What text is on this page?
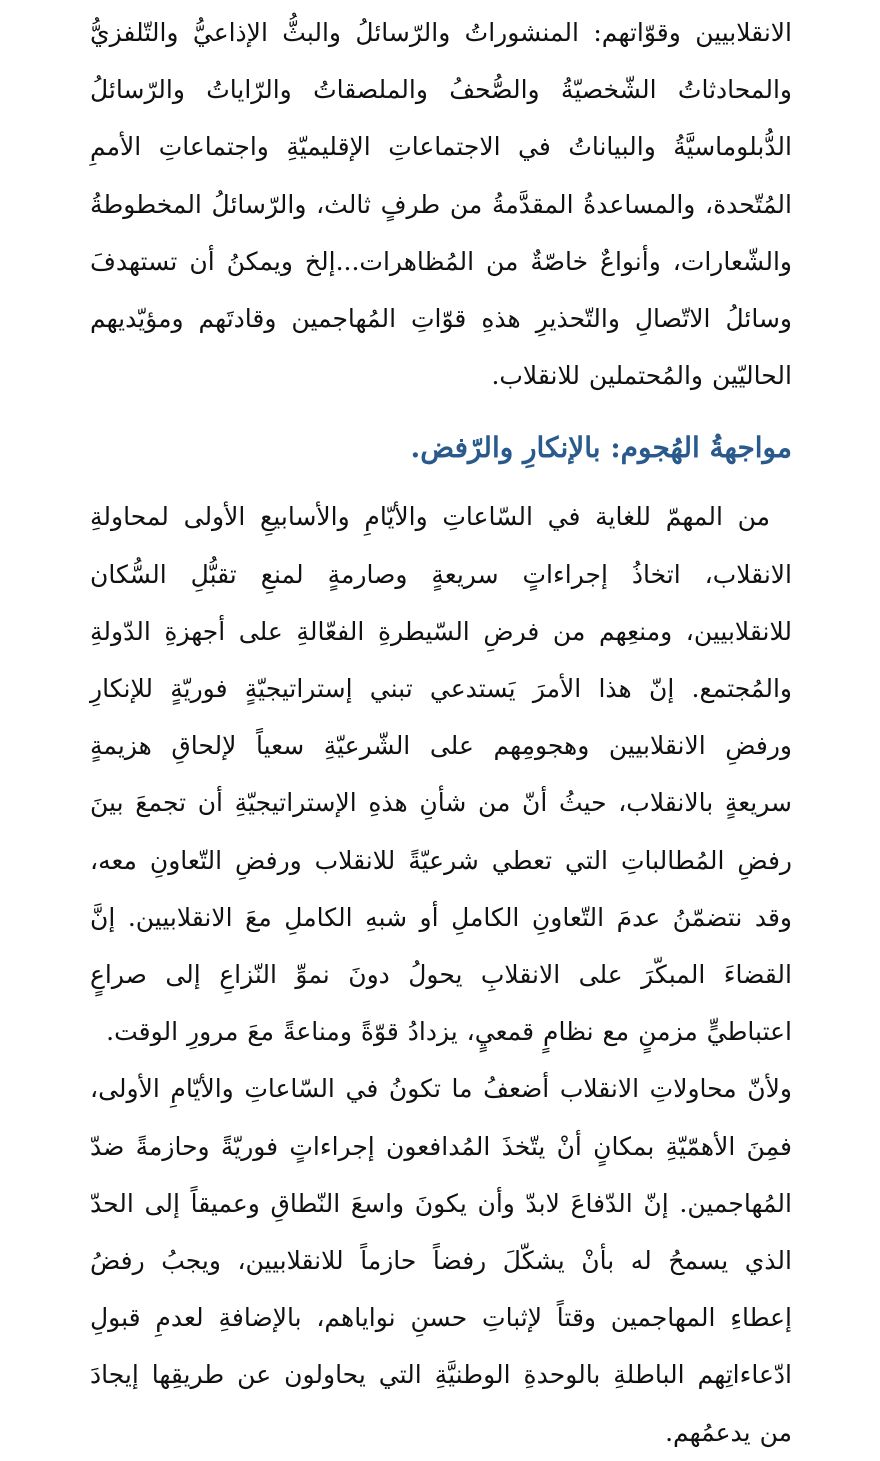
الانقلابيين وقوّاتهم: المنشوراتُ والرّسائلُ والبثُّ الإذاعيُّ والتّلفزيُّ والمحادثاتُ الشّخصيّةُ والصُّحفُ والملصقاتُ والرّاياتُ والرّسائلُ الدُّبلوماسيَّةُ والبياناتُ في الاجتماعاتِ الإقليميّةِ واجتماعاتِ الأممِ المُتّحدة، والمساعدةُ المقدَّمةُ من طرفٍ ثالث، والرّسائلُ المخطوطةُ والشّعارات، وأنواعٌ خاصّةٌ من المُظاهرات...إلخ ويمكنُ أن تستهدفَ وسائلُ الاتّصالِ والتّحذيرِ هذهِ قوّاتِ المُهاجمين وقادتَهم ومؤيّديهم الحاليّين والمُحتملين للانقلاب.

مواجهةُ الهُجوم: بالإنكارِ والرّفض.

من المهمّ للغاية في السّاعاتِ والأيّامِ والأسابيعِ الأولى لمحاولةِ الانقلاب، اتخاذُ إجراءاتٍ سريعةٍ وصارمةٍ لمنعِ تقبُّلِ السُّكان للانقلابيين، ومنعِهم من فرضِ السّيطرةِ الفعّالةِ على أجهزةِ الدّولةِ والمُجتمع. إنّ هذا الأمرَ يَستدعي تبني إستراتيجيّةٍ فوريّةٍ للإنكارِ ورفضِ الانقلابيين وهجومِهم على الشّرعيّةِ سعياً لإلحاقِ هزيمةٍ سريعةٍ بالانقلاب، حيثُ أنّ من شأنِ هذهِ الإستراتيجيّةِ أن تجمعَ بينَ رفضِ المُطالباتِ التي تعطي شرعيّةً للانقلاب ورفضِ التّعاونِ معه، وقد نتضمّنُ عدمَ التّعاونِ الكاملِ أو شبهِ الكاملِ معَ الانقلابيين. إنَّ القضاءَ المبكّرَ على الانقلابِ يحولُ دونَ نموِّ النّزاعِ إلى صراعٍ اعتباطيٍّ مزمنٍ مع نظامٍ قمعيٍ، يزدادُ قوّةً ومناعةً معَ مرورِ الوقت.

ولأنّ محاولاتِ الانقلاب أضعفُ ما تكونُ في السّاعاتِ والأيّامِ الأولى، فمِنَ الأهمّيّةِ بمكانٍ أنْ يتّخذَ المُدافعون إجراءاتٍ فوريّةً وحازمةً ضدّ المُهاجمين. إنّ الدّفاعَ لابدّ وأن يكونَ واسعَ النّطاقِ وعميقاً إلى الحدّ الذي يسمحُ له بأنْ يشكّلَ رفضاً حازماً للانقلابيين، ويجبُ رفضُ إعطاءِ المهاجمين وقتاً لإثباتِ حسنِ نواياهم، بالإضافةِ لعدمِ قبولِ ادّعاءاتِهم الباطلةِ بالوحدةِ الوطنيَّةِ التي يحاولون عن طريقِها إيجادَ من يدعمُهم.
